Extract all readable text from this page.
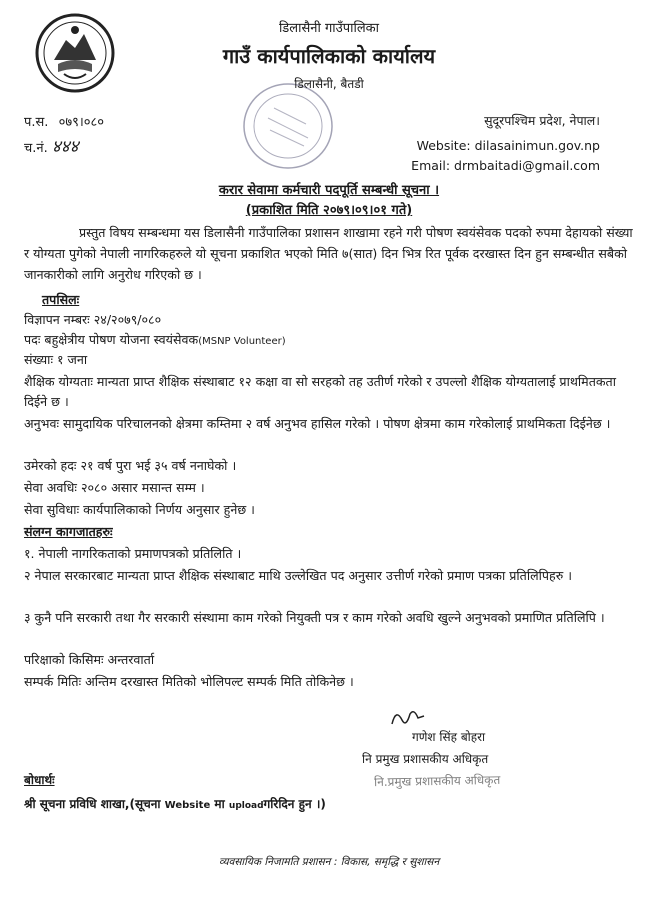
डिलासैनी गाउँपालिका
गाउँ कार्यपालिकाको कार्यालय
डिलासैनी, बैतडी
प.स. ०७९।०८०
च.नं. ४४४
सुदूरपश्चिम प्रदेश, नेपाल।
Website: dilasainimun.gov.np
Email: drmbaitadi@gmail.com
करार सेवामा कर्मचारी पदपूर्ति सम्बन्धी सूचना ।
(प्रकाशित मिति २०७९।०९।०१ गते)
प्रस्तुत विषय सम्बन्धमा यस डिलासैनी गाउँपालिका प्रशासन शाखामा रहने गरी पोषण स्वयंसेवक पदको रुपमा देहायको संख्या र योग्यता पुगेको नेपाली नागरिकहरुले यो सूचना प्रकाशित भएको मिति ७(सात) दिन भित्र रित पूर्वक दरखास्त दिन हुन सम्बन्धीत सबैको जानकारीको लागि अनुरोध गरिएको छ ।
तपसिलः
विज्ञापन नम्बरः २४/२०७९/०८०
पदः बहुक्षेत्रीय पोषण योजना स्वयंसेवक(MSNP Volunteer)
संख्याः १ जना
शैक्षिक योग्यताः मान्यता प्राप्त शैक्षिक संस्थाबाट १२ कक्षा वा सो सरहको तह उतीर्ण गरेको र उपल्लो शैक्षिक योग्यतालाई प्राथमितकता दिईने छ ।
अनुभवः सामुदायिक परिचालनको क्षेत्रमा कम्तिमा २ वर्ष अनुभव हासिल गरेको । पोषण क्षेत्रमा काम गरेकोलाई प्राथमिकता दिईनेछ ।
उमेरको हदः २१ वर्ष पुरा भई ३५ वर्ष ननाघेको ।
सेवा अवधिः २०८० असार मसान्त सम्म ।
सेवा सुविधाः कार्यपालिकाको निर्णय अनुसार हुनेछ ।
संलग्न कागजातहरुः
१. नेपाली नागरिकताको प्रमाणपत्रको प्रतिलिति ।
२ नेपाल सरकारबाट मान्यता प्राप्त शैक्षिक संस्थाबाट माथि उल्लेखित पद अनुसार उत्तीर्ण गरेको प्रमाण पत्रका प्रतिलिपिहरु ।
३ कुनै पनि सरकारी तथा गैर सरकारी संस्थामा काम गरेको नियुक्ती पत्र र काम गरेको अवधि खुल्ने अनुभवको प्रमाणित प्रतिलिपि ।
परिक्षाको किसिमः अन्तरवार्ता
सम्पर्क मितिः अन्तिम दरखास्त मितिको भोलिपल्ट सम्पर्क मिति तोकिनेछ ।
गणेश सिंह बोहरा
नि प्रमुख प्रशासकीय अधिकृत
नि.प्रमुख प्रशासकीय अधिकृत
बोधार्थः
श्री सूचना प्रविधि शाखा,(सूचना Website मा uploadगरिदिन हुन ।)
व्यवसायिक निजामति प्रशासन : विकास, समृद्धि र सुशासन
